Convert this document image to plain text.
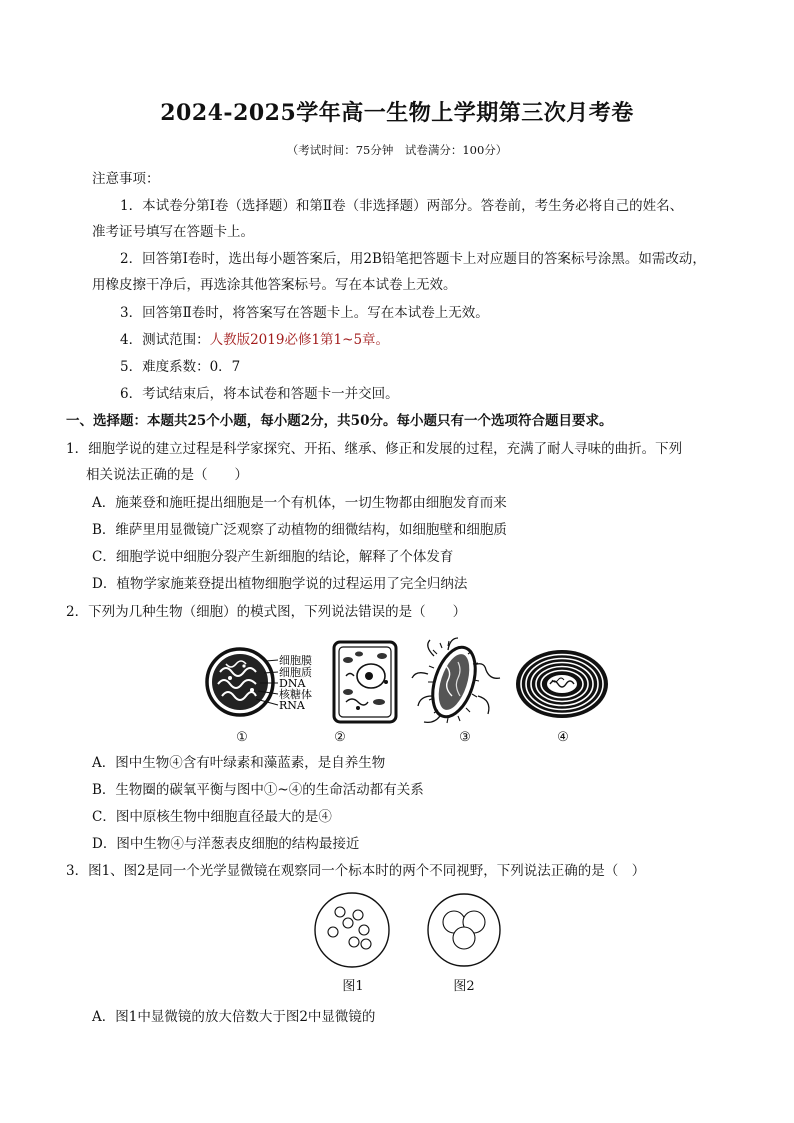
2024-2025学年高一生物上学期第三次月考卷
（考试时间：75分钟　试卷满分：100分）
注意事项：
1．本试卷分第Ⅰ卷（选择题）和第Ⅱ卷（非选择题）两部分。答卷前，考生务必将自己的姓名、
准考证号填写在答题卡上。
2．回答第Ⅰ卷时，选出每小题答案后，用2B铅笔把答题卡上对应题目的答案标号涂黑。如需改动，
用橡皮擦干净后，再选涂其他答案标号。写在本试卷上无效。
3．回答第Ⅱ卷时，将答案写在答题卡上。写在本试卷上无效。
4．测试范围：人教版2019必修1第1~5章。
5．难度系数：0．7
6．考试结束后，将本试卷和答题卡一并交回。
一、选择题：本题共25个小题，每小题2分，共50分。每小题只有一个选项符合题目要求。
1．细胞学说的建立过程是科学家探究、开拓、继承、修正和发展的过程，充满了耐人寻味的曲折。下列
相关说法正确的是（　　）
A．施莱登和施旺提出细胞是一个有机体，一切生物都由细胞发育而来
B．维萨里用显微镜广泛观察了动植物的细微结构，如细胞壁和细胞质
C．细胞学说中细胞分裂产生新细胞的结论，解释了个体发育
D．植物学家施莱登提出植物细胞学说的过程运用了完全归纳法
2．下列为几种生物（细胞）的模式图，下列说法错误的是（　　）
细胞膜
细胞质
DNA
核糖体
RNA
①	②	③	④
A．图中生物④含有叶绿素和藻蓝素，是自养生物
B．生物圈的碳氧平衡与图中①~④的生命活动都有关系
C．图中原核生物中细胞直径最大的是④
D．图中生物④与洋葱表皮细胞的结构最接近
3．图1、图2是同一个光学显微镜在观察同一个标本时的两个不同视野，下列说法正确的是（　）
图1	图2
A．图1中显微镜的放大倍数大于图2中显微镜的
